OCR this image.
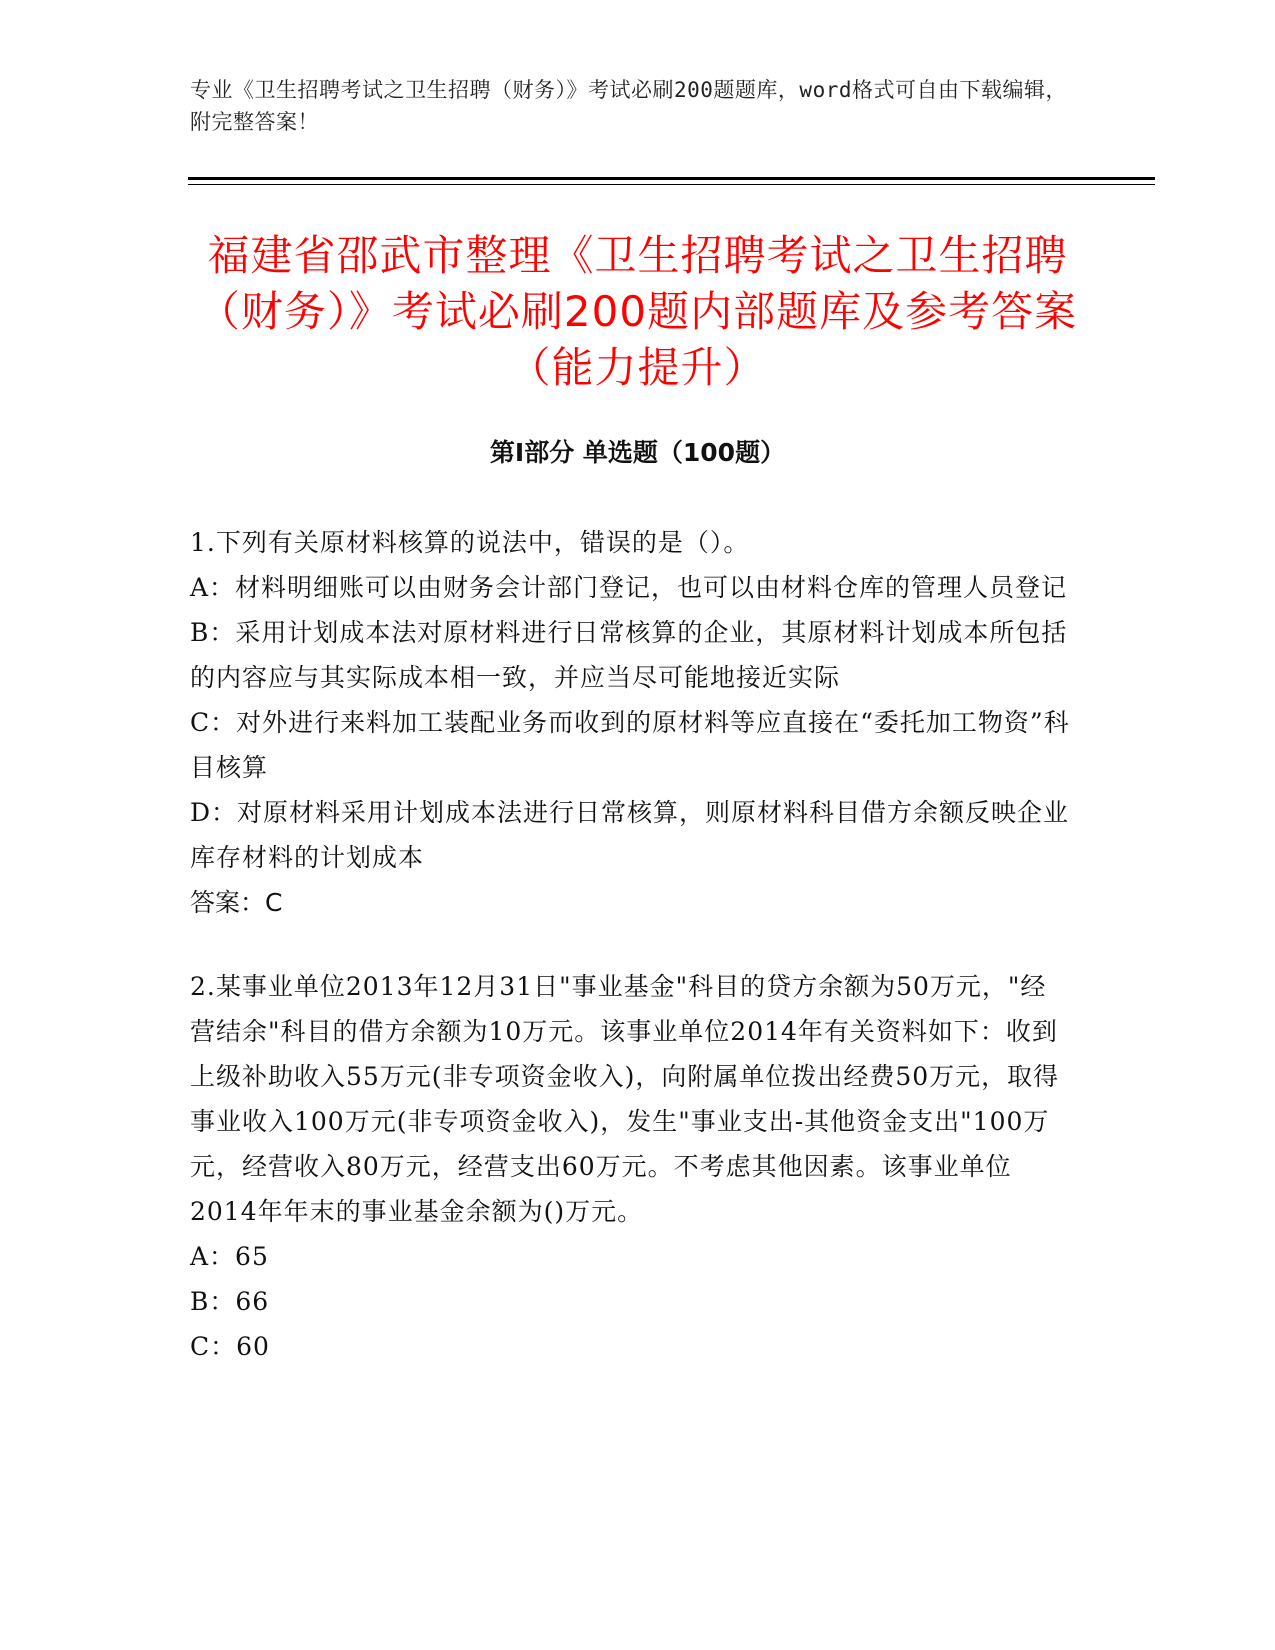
专业《卫生招聘考试之卫生招聘（财务）》考试必刷200题题库，word格式可自由下载编辑，附完整答案！
福建省邵武市整理《卫生招聘考试之卫生招聘（财务）》考试必刷200题内部题库及参考答案（能力提升）
第Ⅰ部分 单选题（100题）

1.下列有关原材料核算的说法中，错误的是（）。

A：材料明细账可以由财务会计部门登记，也可以由材料仓库的管理人员登记

B：采用计划成本法对原材料进行日常核算的企业，其原材料计划成本所包括的内容应与其实际成本相一致，并应当尽可能地接近实际

C：对外进行来料加工装配业务而收到的原材料等应直接在“委托加工物资”科目核算

D：对原材料采用计划成本法进行日常核算，则原材料科目借方余额反映企业库存材料的计划成本

答案：C

2.某事业单位2013年12月31日"事业基金"科目的贷方余额为50万元，"经营结余"科目的借方余额为10万元。该事业单位2014年有关资料如下：收到上级补助收入55万元(非专项资金收入)，向附属单位拨出经费50万元，取得事业收入100万元(非专项资金收入)，发生"事业支出-其他资金支出"100万元，经营收入80万元，经营支出60万元。不考虑其他因素。该事业单位2014年年末的事业基金余额为()万元。

A：65

B：66

C：60
